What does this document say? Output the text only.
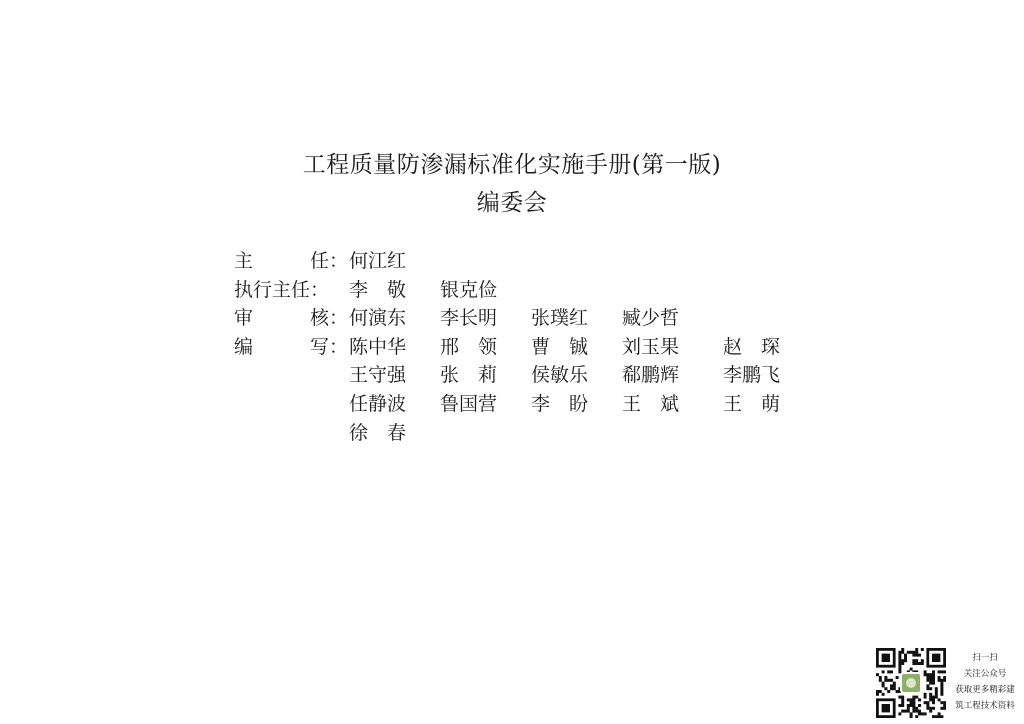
工程质量防渗漏标准化实施手册(第一版)
编委会
主	任： 何江红
执行主任： 李　敬 银克俭
审	核： 何演东 李长明 张璞红 臧少哲
编	写： 陈中华 邢　领 曹　铖 刘玉果 赵　琛
王守强 张　莉 侯敏乐 郗鹏辉 李鹏飞
任静波 鲁国营 李　盼 王　斌 王　萌
徐　春
扫一扫
关注公众号
获取更多精彩建
筑工程技术资料
